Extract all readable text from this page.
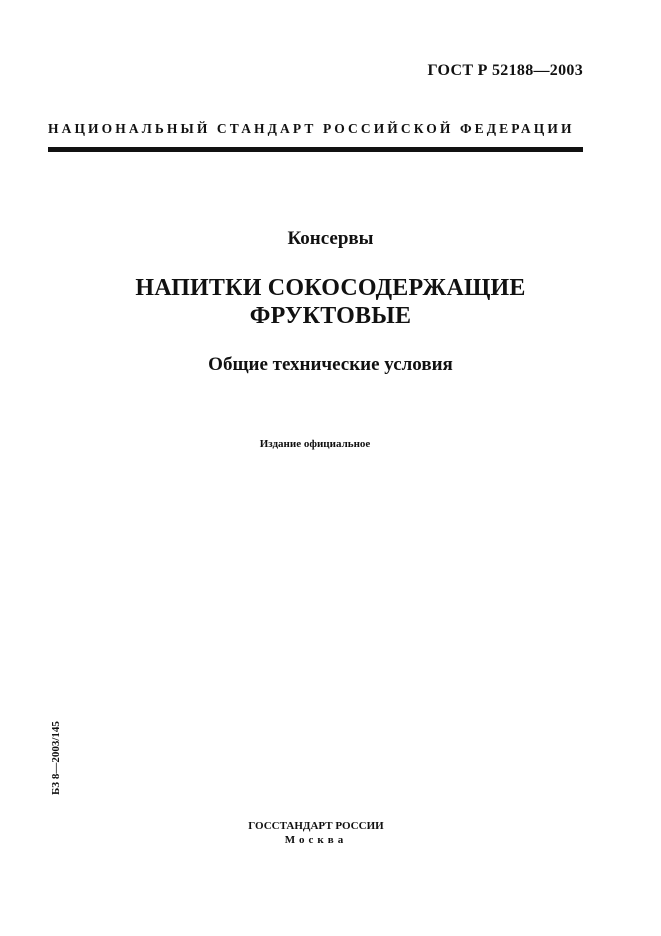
ГОСТ Р 52188—2003
НАЦИОНАЛЬНЫЙ СТАНДАРТ РОССИЙСКОЙ ФЕДЕРАЦИИ
Консервы
НАПИТКИ СОКОСОДЕРЖАЩИЕ
ФРУКТОВЫЕ
Общие технические условия
Издание официальное
БЗ 8—2003/145
ГОССТАНДАРТ РОССИИ
Москва
